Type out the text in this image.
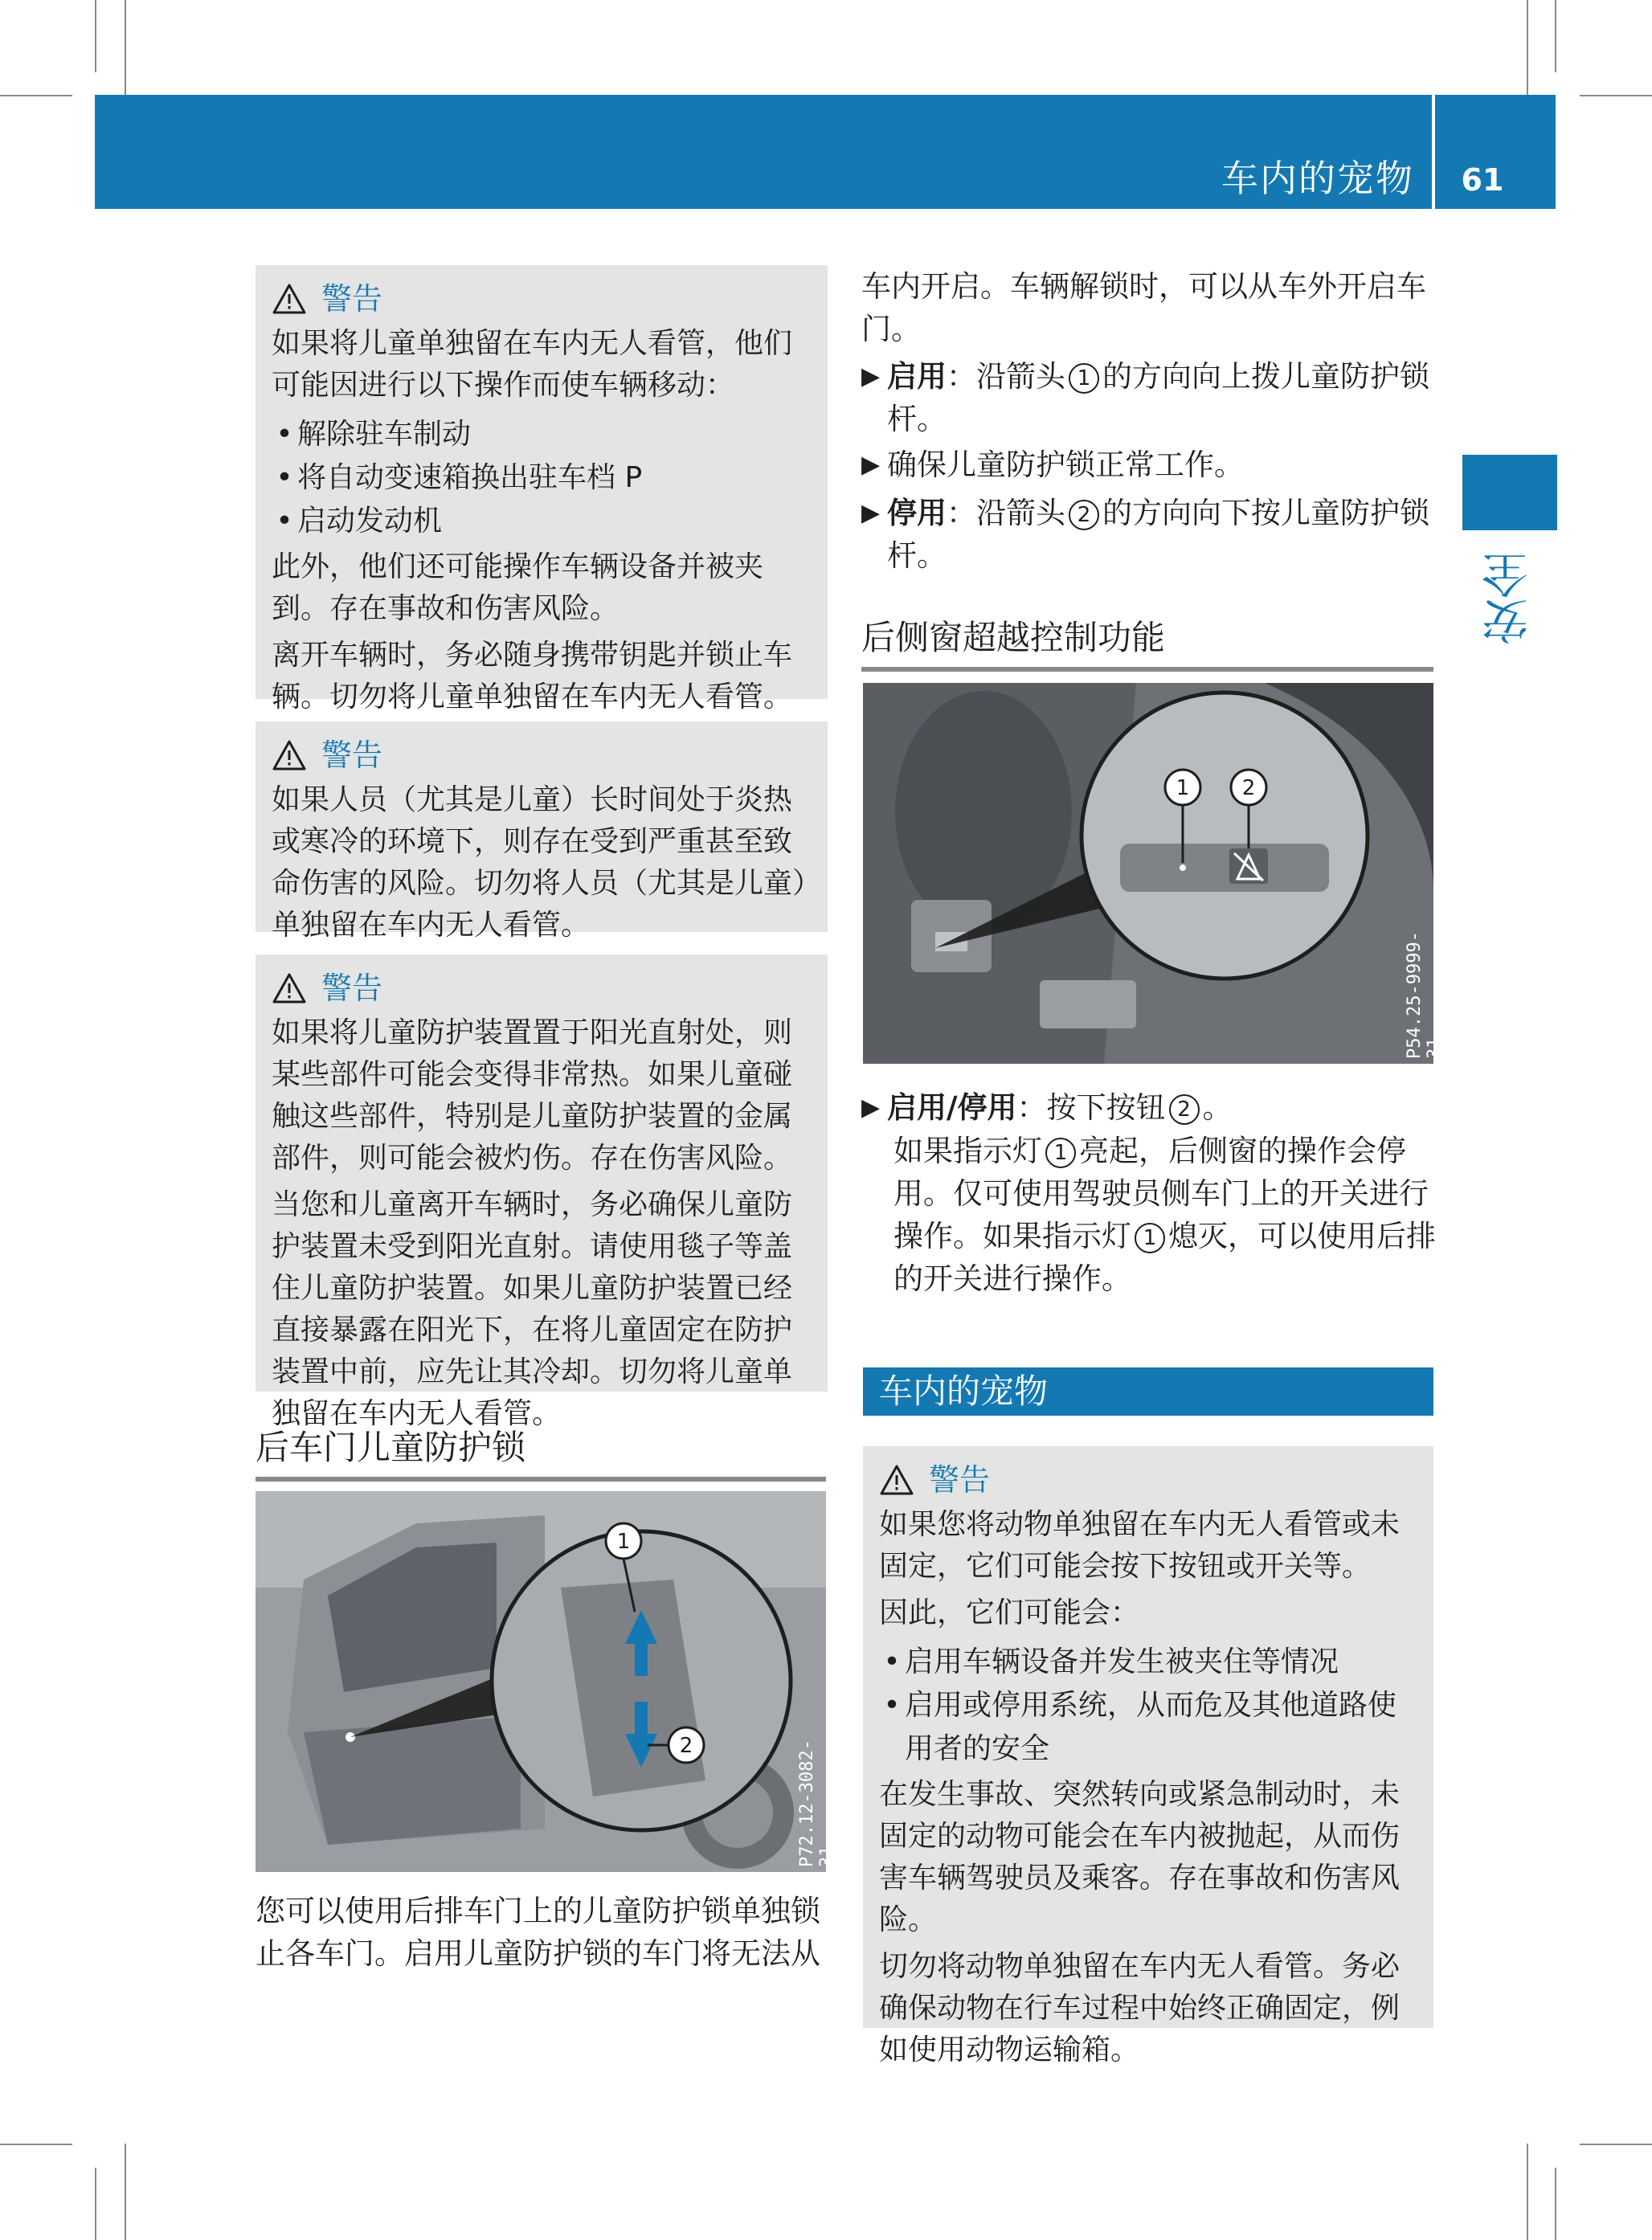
车内的宠物	61
安全
警告

如果将儿童单独留在车内无人看管，他们可能因进行以下操作而使车辆移动：

• 解除驻车制动
• 将自动变速箱换出驻车档 P
• 启动发动机

此外，他们还可能操作车辆设备并被夹到。存在事故和伤害风险。

离开车辆时，务必随身携带钥匙并锁止车辆。切勿将儿童单独留在车内无人看管。

警告

如果人员（尤其是儿童）长时间处于炎热或寒冷的环境下，则存在受到严重甚至致命伤害的风险。切勿将人员（尤其是儿童）单独留在车内无人看管。

警告

如果将儿童防护装置置于阳光直射处，则某些部件可能会变得非常热。如果儿童碰触这些部件，特别是儿童防护装置的金属部件，则可能会被灼伤。存在伤害风险。

当您和儿童离开车辆时，务必确保儿童防护装置未受到阳光直射。请使用毯子等盖住儿童防护装置。如果儿童防护装置已经直接暴露在阳光下，在将儿童固定在防护装置中前，应先让其冷却。切勿将儿童单独留在车内无人看管。

后车门儿童防护锁
1
2	P72.12-3082-31
您可以使用后排车门上的儿童防护锁单独锁止各车门。启用儿童防护锁的车门将无法从
车内开启。车辆解锁时，可以从车外开启车门。
▶ 启用：沿箭头 1 的方向向上拨儿童防护锁杆。
▶ 确保儿童防护锁正常工作。
▶ 停用：沿箭头 2 的方向向下按儿童防护锁杆。
后侧窗超越控制功能
1	2
P54.25-9999-31
▶ 启用/停用：按下按钮 2 。
如果指示灯 1 亮起，后侧窗的操作会停用。仅可使用驾驶员侧车门上的开关进行操作。如果指示灯 1 熄灭，可以使用后排的开关进行操作。
车内的宠物
警告

如果您将动物单独留在车内无人看管或未固定，它们可能会按下按钮或开关等。

因此，它们可能会：

• 启用车辆设备并发生被夹住等情况
• 启用或停用系统，从而危及其他道路使用者的安全

在发生事故、突然转向或紧急制动时，未固定的动物可能会在车内被抛起，从而伤害车辆驾驶员及乘客。存在事故和伤害风险。

切勿将动物单独留在车内无人看管。务必确保动物在行车过程中始终正确固定，例如使用动物运输箱。
